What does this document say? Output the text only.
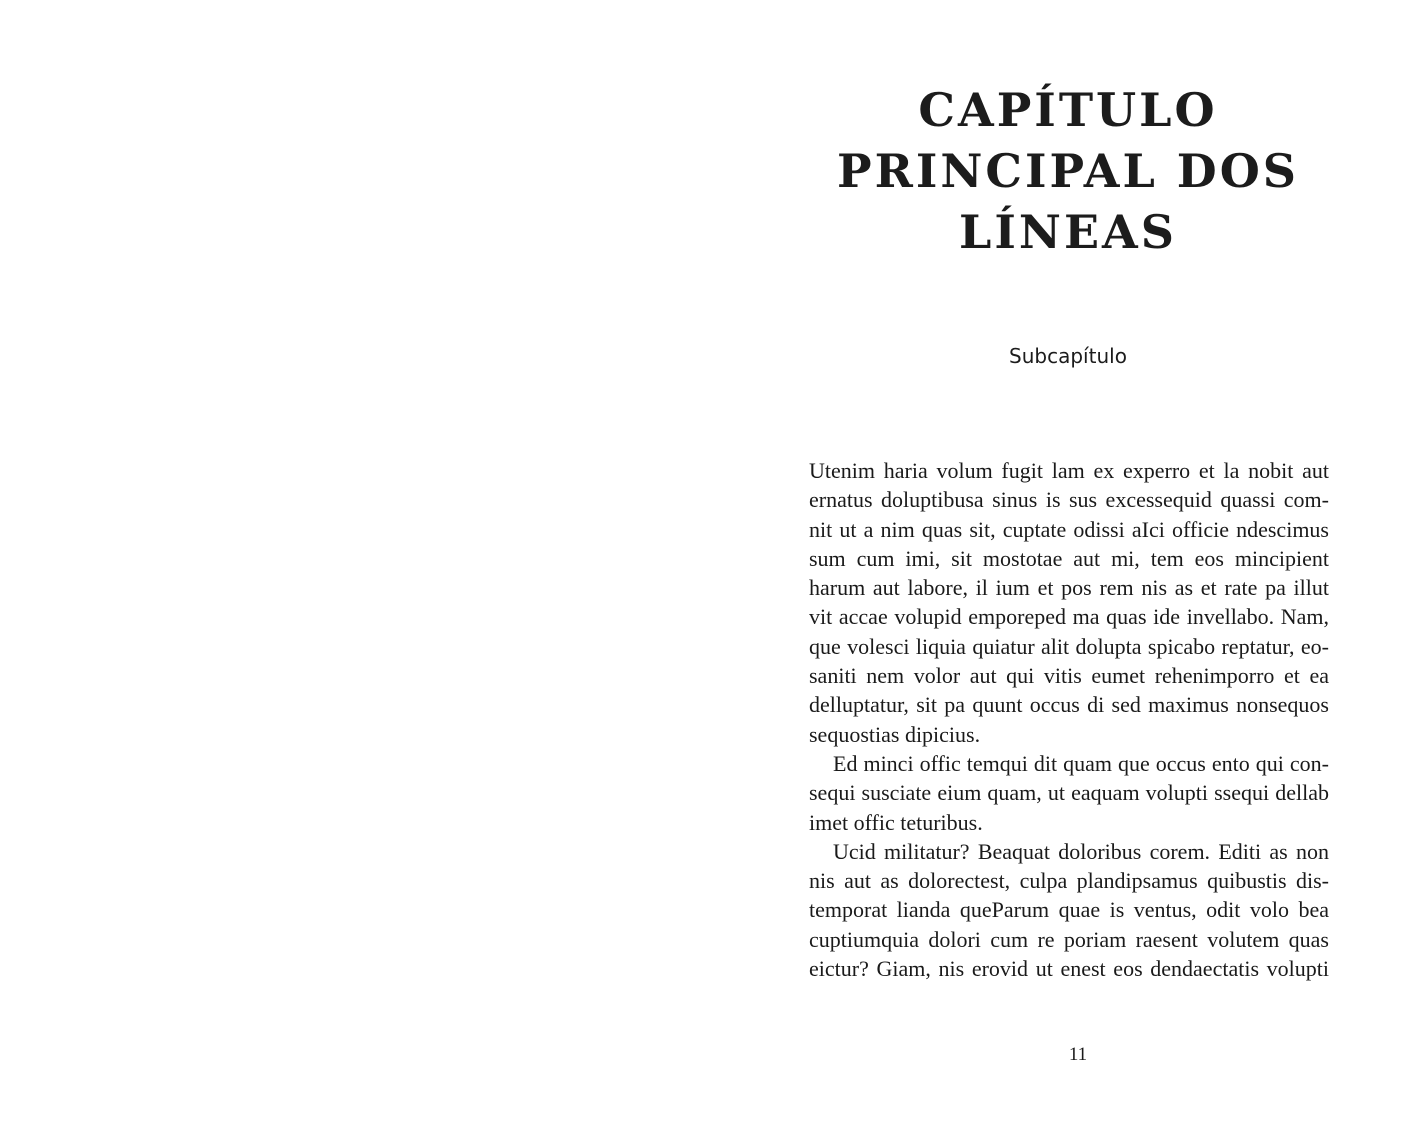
CAPÍTULO
PRINCIPAL DOS
LÍNEAS
Subcapítulo

Utenim haria volum fugit lam ex experro et la nobit aut
ernatus doluptibusa sinus is sus excessequid quassi com-
nit ut a nim quas sit, cuptate odissi aIci officie ndescimus
sum cum imi, sit mostotae aut mi, tem eos mincipient
harum aut labore, il ium et pos rem nis as et rate pa illut
vit accae volupid emporeped ma quas ide invellabo. Nam,
que volesci liquia quiatur alit dolupta spicabo reptatur, eo-
saniti nem volor aut qui vitis eumet rehenimporro et ea
delluptatur, sit pa quunt occus di sed maximus nonsequos
sequostias dipicius.

Ed minci offic temqui dit quam que occus ento qui con-
sequi susciate eium quam, ut eaquam volupti ssequi dellab
imet offic teturibus.

Ucid militatur? Beaquat doloribus corem. Editi as non
nis aut as dolorectest, culpa plandipsamus quibustis dis-
temporat lianda queParum quae is ventus, odit volo bea
cuptiumquia dolori cum re poriam raesent volutem quas
eictur? Giam, nis erovid ut enest eos dendaectatis volupti

11
